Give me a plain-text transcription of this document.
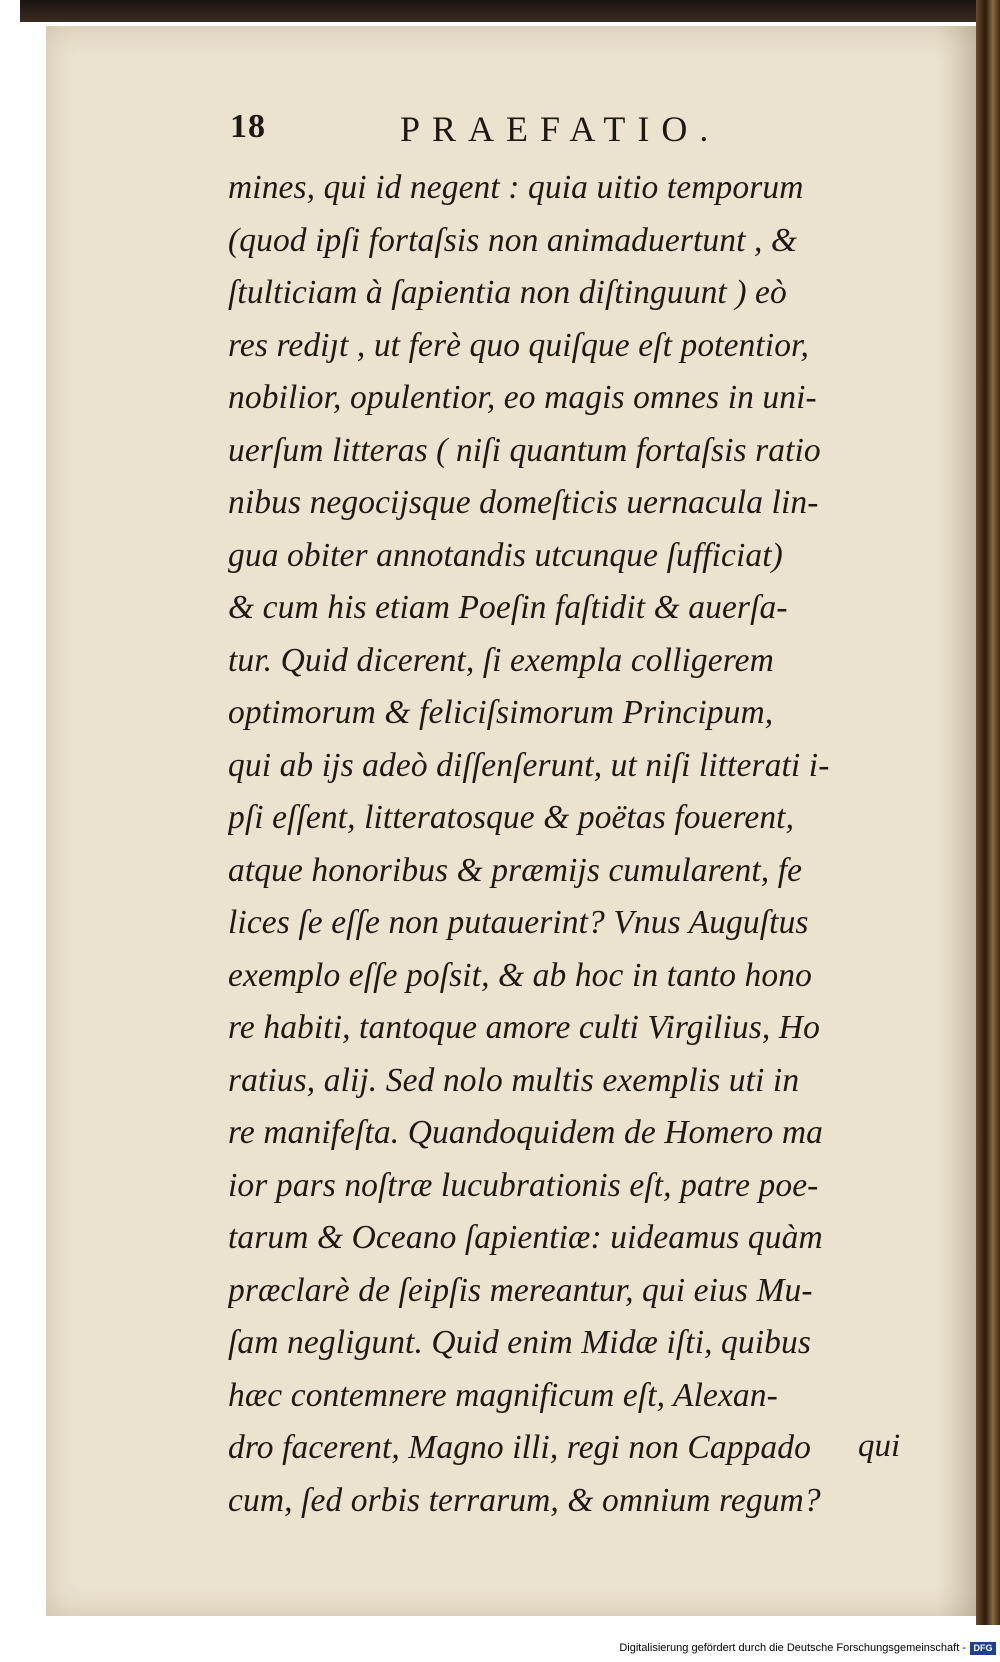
18	PRAEFATIO.
mines, qui id negent : quia uitio temporum
(quod ipſi fortaſsis non animaduertunt , &
ſtulticiam à ſapientia non diſtinguunt ) eò
res rediȷt , ut ferè quo quiſque eſt potentior,
nobilior, opulentior, eo magis omnes in uni-
uerſum litteras ( niſi quantum fortaſsis ratio
nibus negocijsque domeſticis uernacula lin-
gua obiter annotandis utcunque ſufficiat)
& cum his etiam Poeſin faſtidit & auerſa-
tur. Quid dicerent, ſi exempla colligerem
optimorum & feliciſsimorum Principum,
qui ab ijs adeò diſſenſerunt, ut niſi litterati i-
pſi eſſent, litteratosque & poëtas fouerent,
atque honoribus & præmijs cumularent, fe
lices ſe eſſe non putauerint? Vnus Auguſtus
exemplo eſſe poſsit, & ab hoc in tanto hono
re habiti, tantoque amore culti Virgilius, Ho
ratius, alij. Sed nolo multis exemplis uti in
re manifeſta. Quandoquidem de Homero ma
ior pars noſtræ lucubrationis eſt, patre poe-
tarum & Oceano ſapientiæ: uideamus quàm
præclarè de ſeipſis mereantur, qui eius Mu-
ſam negligunt. Quid enim Midæ iſti, quibus
hæc contemnere magnificum eſt, Alexan-
dro facerent, Magno illi, regi non Cappado
cum, ſed orbis terrarum, & omnium regum?
qui
Digitalisierung gefördert durch die Deutsche Forschungsgemeinschaft - DFG
